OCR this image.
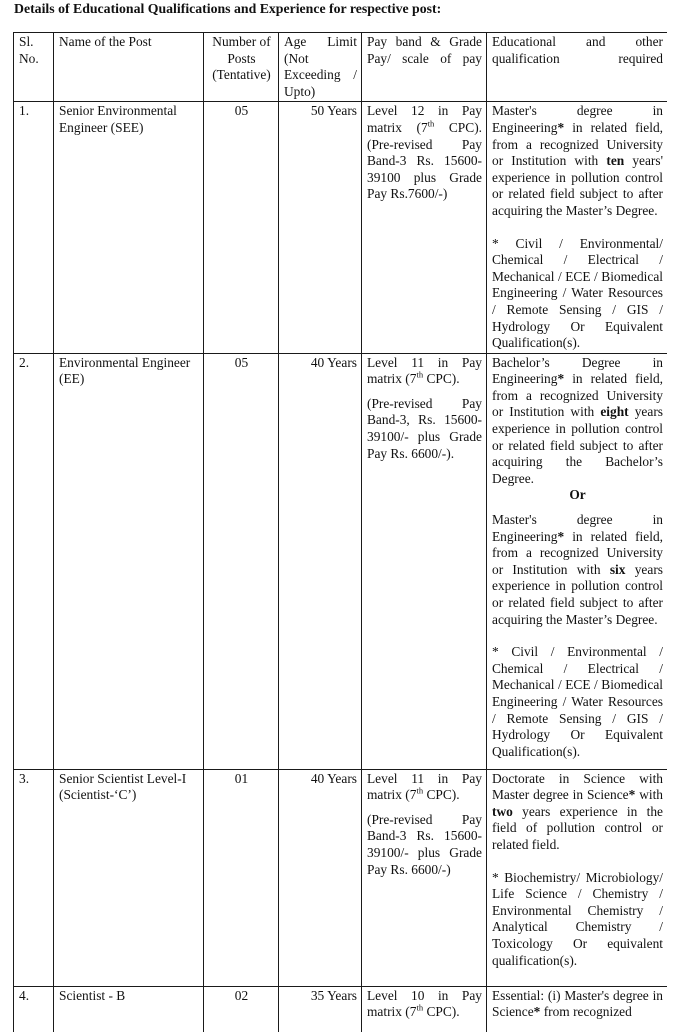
Details of Educational Qualifications and Experience for respective post:
Sl. No.	Name of the Post	Number of Posts (Tentative)	Age Limit (Not Exceeding / Upto)	Pay band & Grade Pay/ scale of pay	Educational and other qualification required
1.	Senior Environmental Engineer (SEE)	05	50 Years	Level 12 in Pay matrix (7th CPC). (Pre-revised Pay Band-3 Rs. 15600-39100 plus Grade Pay Rs.7600/-)	Master's degree in Engineering* in related field, from a recognized University or Institution with ten years' experience in pollution control or related field subject to after acquiring the Master’s Degree.
* Civil / Environmental/ Chemical / Electrical / Mechanical / ECE / Biomedical Engineering / Water Resources / Remote Sensing / GIS / Hydrology Or Equivalent Qualification(s).

2.	Environmental Engineer (EE)	05	40 Years	Level 11 in Pay matrix (7th CPC).
(Pre-revised Pay Band-3, Rs. 15600- 39100/- plus Grade Pay Rs. 6600/-).	Bachelor’s Degree in Engineering* in related field, from a recognized University or Institution with eight years experience in pollution control or related field subject to after acquiring the Bachelor’s Degree.
Or
Master's degree in Engineering* in related field, from a recognized University or Institution with six years experience in pollution control or related field subject to after acquiring the Master’s Degree.
* Civil / Environmental / Chemical / Electrical / Mechanical / ECE / Biomedical Engineering / Water Resources / Remote Sensing / GIS / Hydrology Or Equivalent Qualification(s).

3.	Senior Scientist Level-I (Scientist-‘C’)	01	40 Years	Level 11 in Pay matrix (7th CPC).
(Pre-revised Pay Band-3 Rs. 15600-39100/- plus Grade Pay Rs. 6600/-)	Doctorate in Science with Master degree in Science* with two years experience in the field of pollution control or related field.
* Biochemistry/ Microbiology/ Life Science / Chemistry / Environmental Chemistry / Analytical Chemistry / Toxicology Or equivalent qualification(s).

4.	Scientist - B	02	35 Years	Level 10 in Pay matrix (7th CPC).	Essential: (i) Master's degree in Science* from recognized
